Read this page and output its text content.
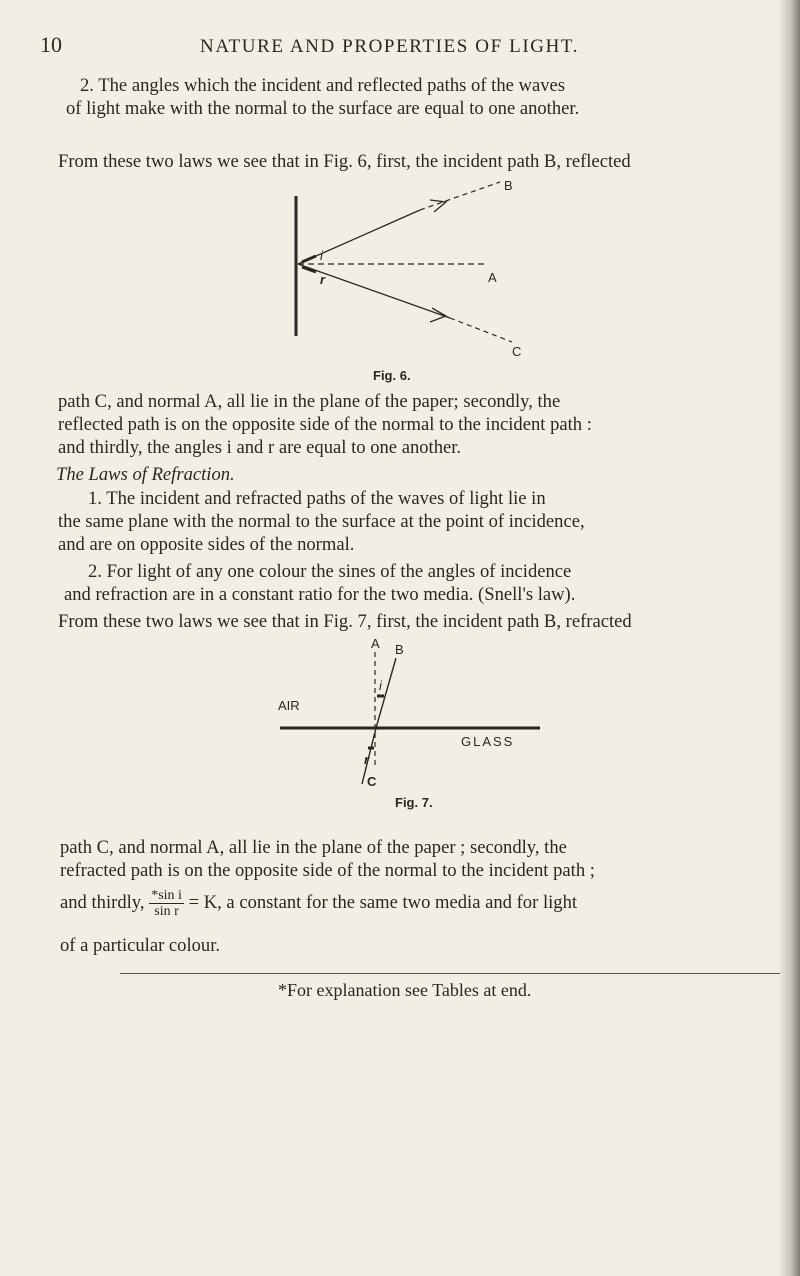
10	NATURE AND PROPERTIES OF LIGHT.

2. The angles which the incident and reflected paths of the waves
of light make with the normal to the surface are equal to one another.

From these two laws we see that in Fig. 6, first, the incident path B, reflected

i
r
B
A
C
Fig. 6.

path C, and normal A, all lie in the plane of the paper; secondly, the
reflected path is on the opposite side of the normal to the incident path :
and thirdly, the angles i and r are equal to one another.

The Laws of Refraction.

1. The incident and refracted paths of the waves of light lie in
the same plane with the normal to the surface at the point of incidence,
and are on opposite sides of the normal.

2. For light of any one colour the sines of the angles of incidence
and refraction are in a constant ratio for the two media. (Snell's law).

From these two laws we see that in Fig. 7, first, the incident path B, refracted

A B
i
AIR
GLASS
r
C
Fig. 7.

path C, and normal A, all lie in the plane of the paper ; secondly, the
refracted path is on the opposite side of the normal to the incident path ;

and thirdly, $\frac{\text{*sin i}}{\text{sin r}} = K$, a constant for the same two media and for light

of a particular colour.

*For explanation see Tables at end.
